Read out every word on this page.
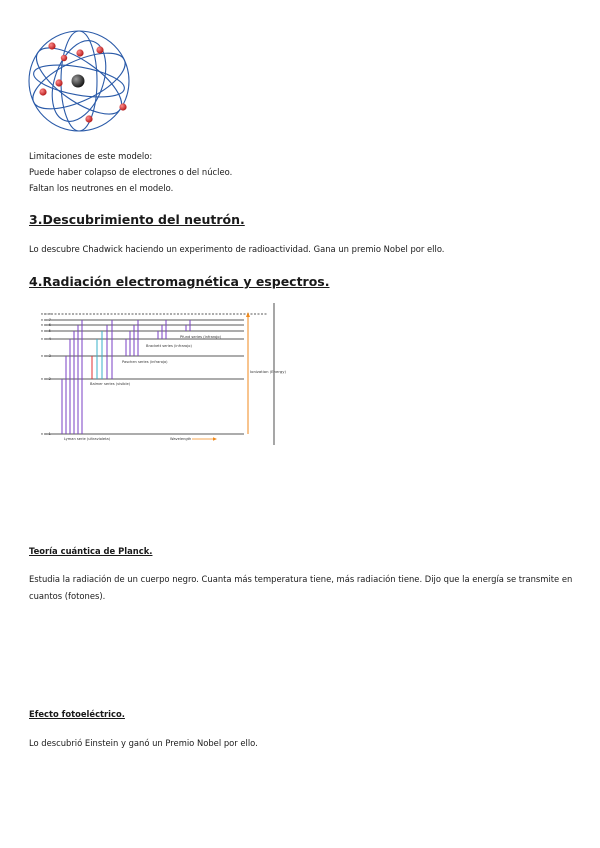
Limitaciones de este modelo:

Puede haber colapso de electrones o del núcleo.

Faltan los neutrones en el modelo.

3.Descubrimiento del neutrón.

Lo descubre Chadwick haciendo un experimento de radioactividad. Gana un premio Nobel por ello.

4.Radiación electromagnética y espectros.
n = ∞
n = 7
n = 6
n = 5
n = 4
n = 3
n = 2
n = 1
Lyman serie (ultravioleta)
Balmer series (visible)
Paschen series (infrarojo)
Brackett series (infrarojo)
Pfund series (infrarojo)
Ionization (Energy)
Wavelength
Teoría cuántica de Planck.

Estudia la radiación de un cuerpo negro. Cuanta más temperatura tiene, más radiación tiene. Dijo que la energía se transmite en cuantos (fotones).

Efecto fotoeléctrico.

Lo descubrió Einstein y ganó un Premio Nobel por ello.
